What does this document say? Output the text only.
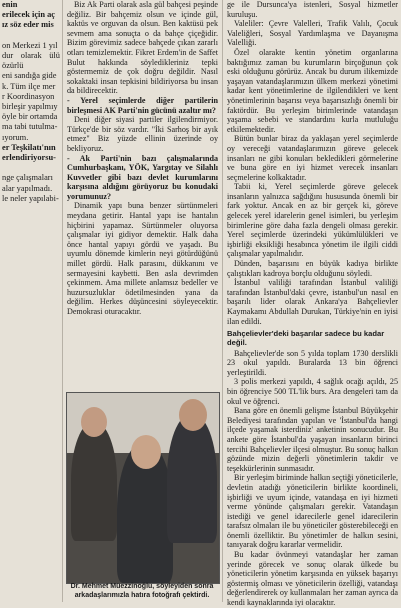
enin
erilecek için aç
ız söz eder mis

on Merkezi 1 yıl
dur olarak ülü özürlü
eni sandığa gide
k. Tüm ilçe mer
r Koordinasyon
birleşir yapılmıy
öyle bir ortamda
ma tabi tutulma-
ıyorum.
er Teşkilatı'nın
erlendiriyorsu-

nge çalışmaları
alar yapılmadı.
le neler yapılabi-

Biz Ak Parti olarak asla gül bahçesi peşinde değiliz. Bir bahçemiz olsun ve içinde gül, kaktüs ve orguvan da olsun. Ben kaktüsü pek sevmem ama sonuçta o da bahçe çiçeğidir. Bizim görevimiz sadece bahçede çıkan zararlı otları temizlemektir. Fikret Erdem'in de Saffet Bulut hakkında söyledikleriniz tepki göstermemiz de çok doğru değildir. Nasıl sokaktaki insan tepkisini bildiriyorsa bu insan da bildirecektir.

- Yerel seçimlerde diğer partilerin birleşmesi AK Parti'nin gücünü azaltır mı?

Deni diğer siyasi partiler ilgilendirmiyor. Türkçe'de bir söz vardır. "İki Sarhoş bir ayık etmez" Biz yüzde ellinin üzerinde oy bekliyoruz.

- Ak Parti'nin bazı çalışmalarında Cumhurbaşkanı, YÖK, Yargıtay ve Silahlı Kuvvetler gibi bazı devlet kurumlarını karşısına aldığını görüyoruz bu konudaki yorumunuz?

Dinamik yapı buna benzer sürtünmeleri meydana getirir. Hantal yapı ise hantalın hiçbirini yapamaz. Sürtünmeler oluyorsa çalışmalar iyi gidiyor demektir. Halk daha önce hantal yapıyı gördü ve yaşadı. Bu uyumlu dönemde kimlerin neyi götürdüğünü millet gördü. Halk parasını, dükkanını ve sermayesini kaybetti. Ben asla devrimden çekinmem. Ama millete anlamsız bedeller ve huzursuzluklar ödetilmesinden yana da değilim. Herkes düşüncesini söyleyecektir. Demokrasi oturacaktır.

Dr. Mehmet Müezzinoğlu, söyleyiden sonra arkadaşlarımızla hatıra fotoğrafı çektirdi.

ge ile Dursunca'ya istenleri, Sosyal hizmetler kuruluşu.

Valeliler: Çevre Valelleri, Trafik Valılı, Çocuk Valeliğleri, Sosyal Yardımlaşma ve Dayanışma Valelliği.

Özel olarakte kentin yönetim organlarına baktığımız zaman bu kurumların birçoğunun çok eski olduğunu görürüz. Ancak bu durum ilikemizde yaşayan vatandaşlarımızın ülkem merkezi yönetimi kadar kent yönetimlerine de ilgilendikleri ve kent yönetimlerinin başarısı veya başarısızlığı önemli bir faktördür. Bu yerleşim birimlerinde vatandaşın yaşama sebebi ve standardını kurla mutluluğu etkilemektedir.

Bütün bunlar biraz da yaklaşan yerel seçimlerde oy vereceği vatandaşlarımızın göreve gelecek insanları ne gibi konuları bekledikleri görmelerine ve buna göre en iyi hizmet verecek insanları seçmelerine kolkaktadır.

Tabii ki, Yerel seçimlerde göreve gelecek insanların yalnızca sağdığını hususunda önemli bir fark yoktur. Ancak en az bir gerçek ki, göreve gelecek yerel idarelerin genel isimleri, bu yerleşim birimlerine göre daha fazla dengeli olması gerekir. Yerel seçimlerde üzerindeki yükümlülükleri ve işbirliği eksikliği hesabınca yönetim ile ilgili ciddi çalışmalar yapılmalıdır.

Dünden, başarısını en büyük kadıya birlikte çalıştıkları kadroya borçlu olduğunu söyledi.

İstanbul valiliği tarafından İstanbul valiliği tarafından İstanbul'daki çevre, istanbul'un nasıl en başarılı lider olarak Ankara'ya Bahçelievler Kaymakamı Abdullah Durukan, Türkiye'nin en iyisi ilan edildi.

Bahçelievler'deki başarılar sadece bu kadar değil.

Bahçelievler'de son 5 yılda toplam 1730 derslikli 23 okul yapıldı. Buralarda 13 bin öğrenci yerleştirildi.

3 polis merkezi yapıldı, 4 sağlık ocağı açıldı, 25 bin öğrenciye 500 TL'lik burs. Ara dengeleri tam da okul ve öğrenci.

Bana göre en önemli gelişme İstanbul Büyükşehir Belediyesi tarafından yapılan ve 'İstanbul'da hangi ilçede yaşamak isterdiniz' anketinin sonucudur. Bu ankete göre İstanbul'da yaşayan insanların birinci tercihi Bahçelievler ilçesi olmuştur. Bu sonuç halkın gözünde mizin değerli yönetimlerin takdir ve teşekkürlerinin sunmasıdır.

Bir yerleşim biriminde halkın seçtiği yöneticilerle, devletin atadığı yöneticilerin birlikte koordineli, işbirliği ve uyum içinde, vatandaşa en iyi hizmeti verme yönünde çalışmaları gerekir. Vatandaşın istediği ve genel idarecilerle genel idarecilerin tarafsız olmaları ile bu yöneticiler gösterebileceği en önemli özelliktir. Bu yönetimler de halkın sesini, tanıyarak doğru kararlar vermelidir.

Bu kadar övünmeyi vatandaşlar her zaman yerinde görecek ve sonuç olarak ülkede bu yöneticilerin yönetim karşısında en yüksek başarıyı göstermiş olması ve yöneticilerin özelliği, vatandaşı değerlendirerek oy kullanmaları her zaman ayrıca da kendi kaynaklarında iyi olacaktır.
